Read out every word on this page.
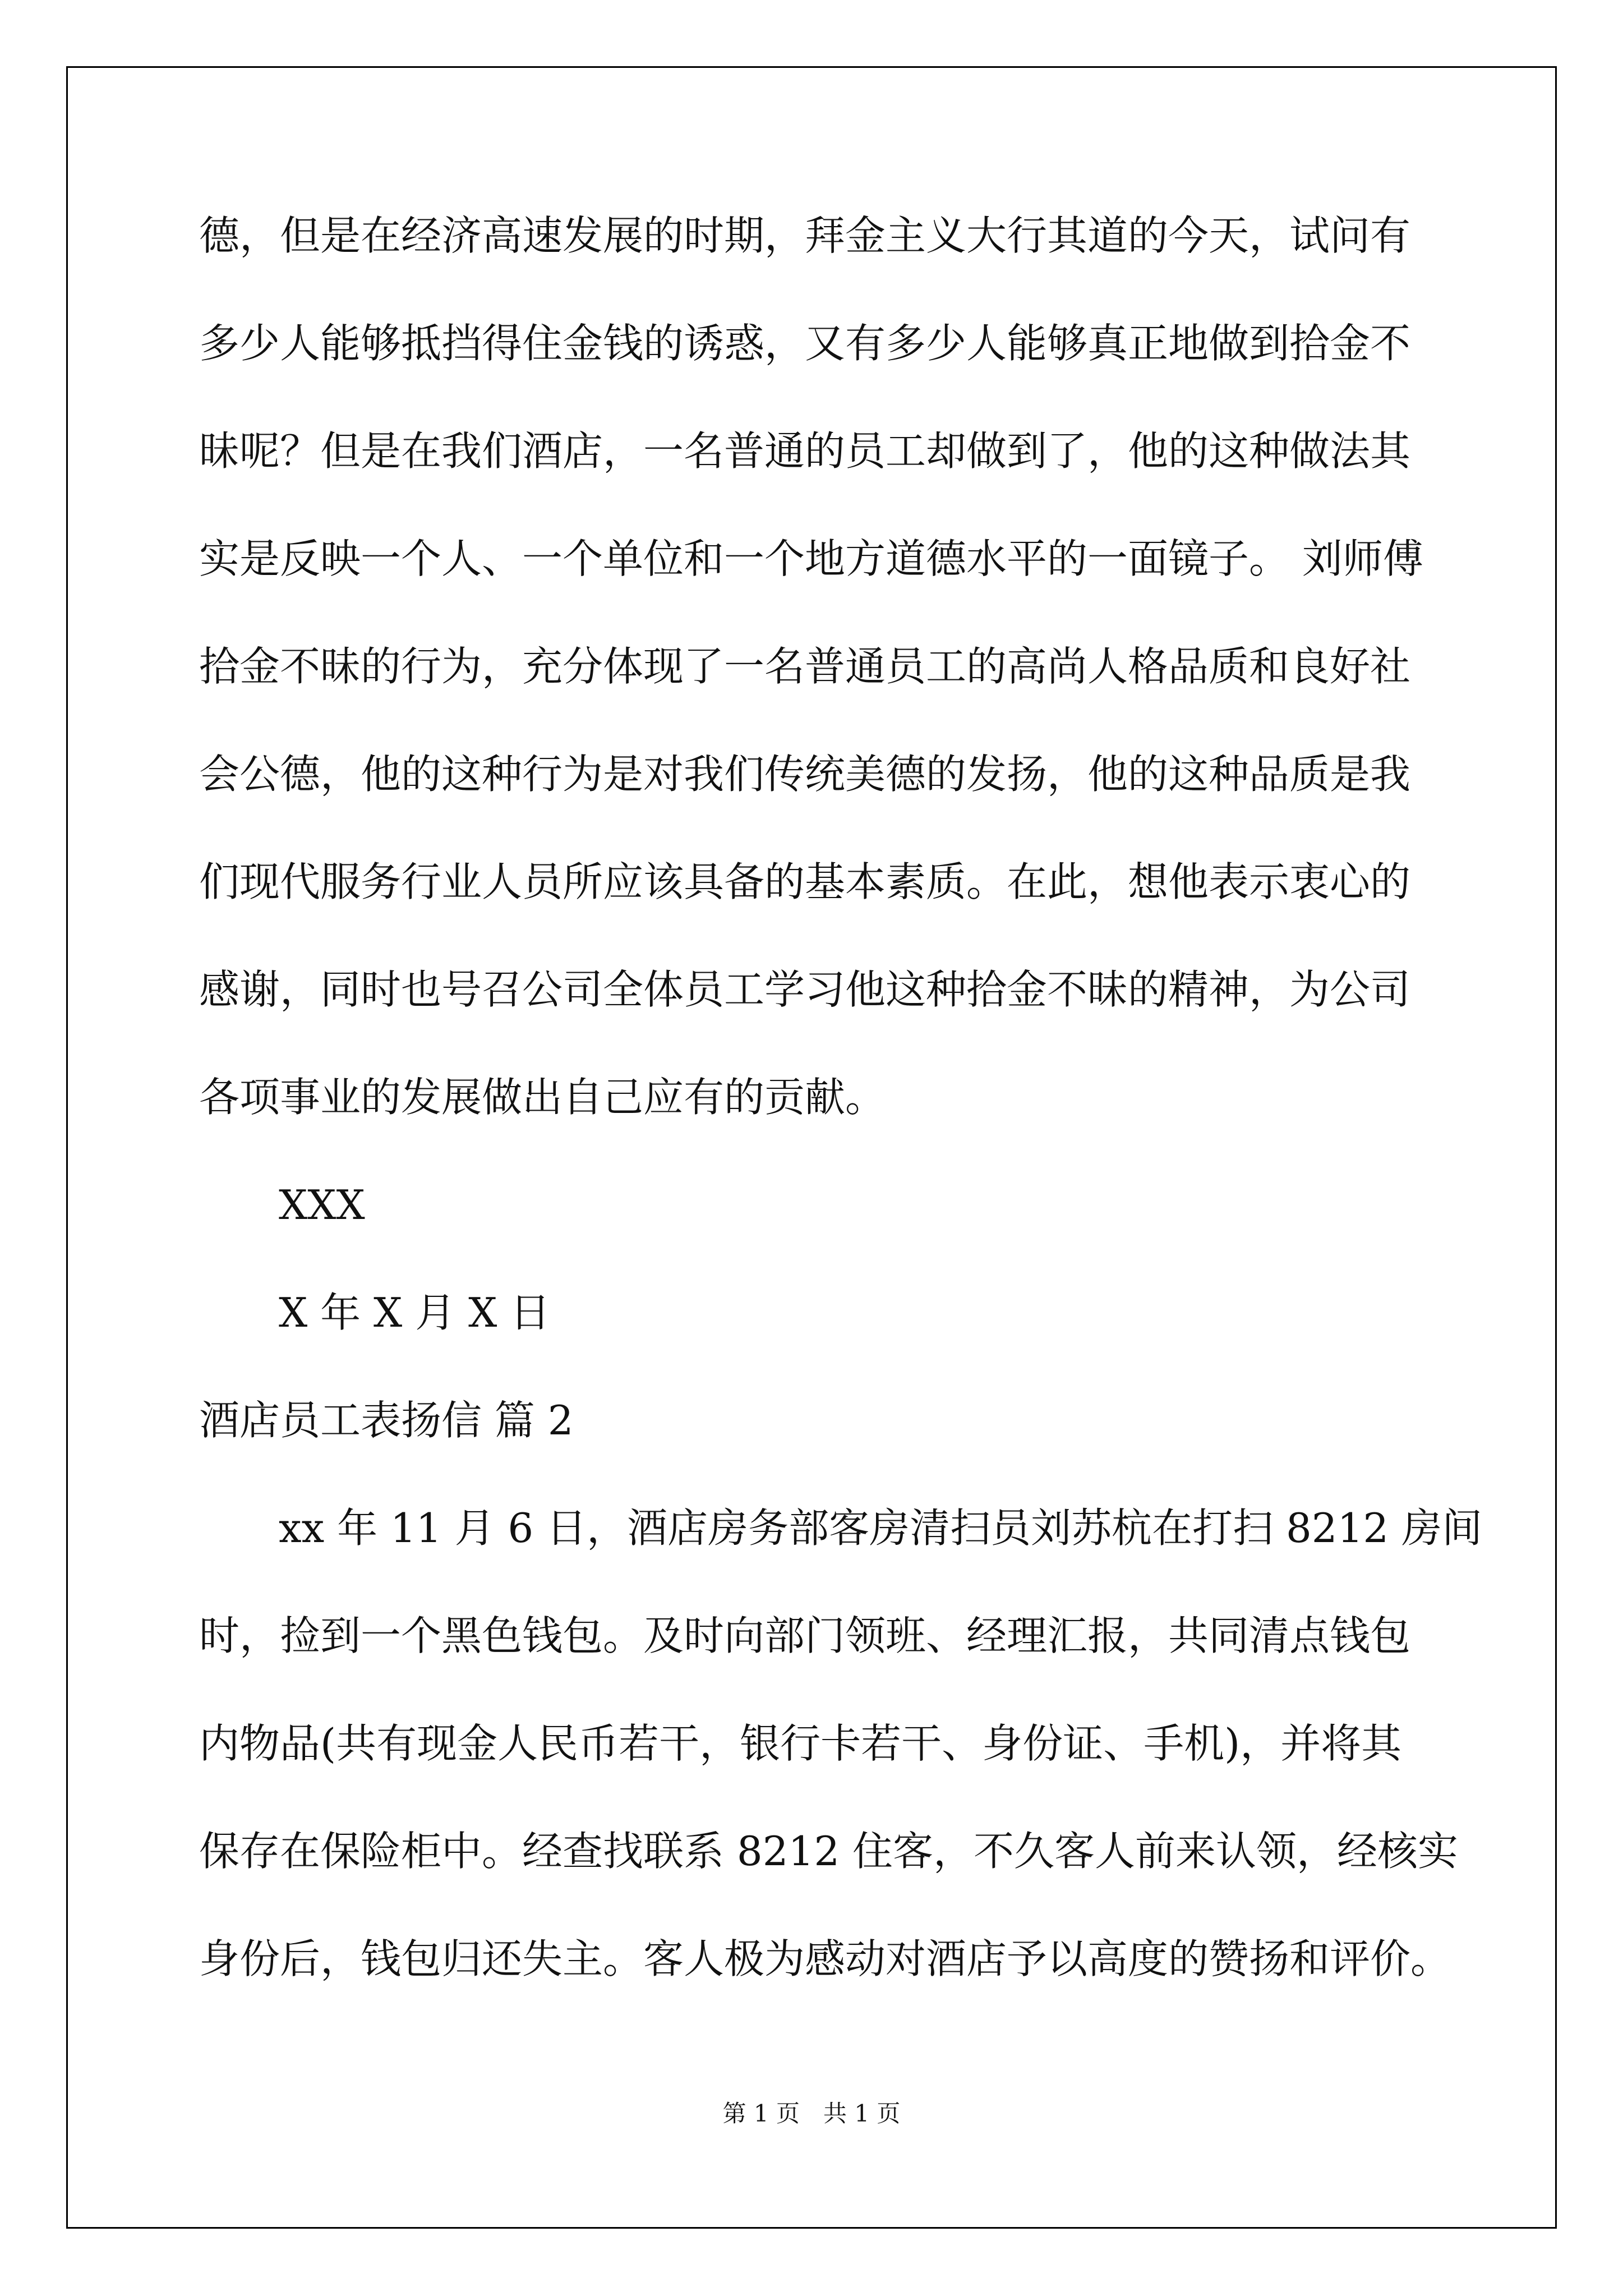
德，但是在经济高速发展的时期，拜金主义大行其道的今天，试问有
多少人能够抵挡得住金钱的诱惑，又有多少人能够真正地做到拾金不
昧呢？但是在我们酒店，一名普通的员工却做到了，他的这种做法其
实是反映一个人、一个单位和一个地方道德水平的一面镜子。 刘师傅
拾金不昧的行为，充分体现了一名普通员工的高尚人格品质和良好社
会公德，他的这种行为是对我们传统美德的发扬，他的这种品质是我
们现代服务行业人员所应该具备的基本素质。在此，想他表示衷心的
感谢，同时也号召公司全体员工学习他这种拾金不昧的精神，为公司
各项事业的发展做出自己应有的贡献。
XXX
X 年 X 月 X 日
酒店员工表扬信 篇 2
xx 年 11 月 6 日，酒店房务部客房清扫员刘苏杭在打扫 8212 房间
时，捡到一个黑色钱包。及时向部门领班、经理汇报，共同清点钱包
内物品(共有现金人民币若干，银行卡若干、身份证、手机)，并将其
保存在保险柜中。经查找联系 8212 住客，不久客人前来认领，经核实
身份后，钱包归还失主。客人极为感动对酒店予以高度的赞扬和评价。
第 1 页　共 1 页
